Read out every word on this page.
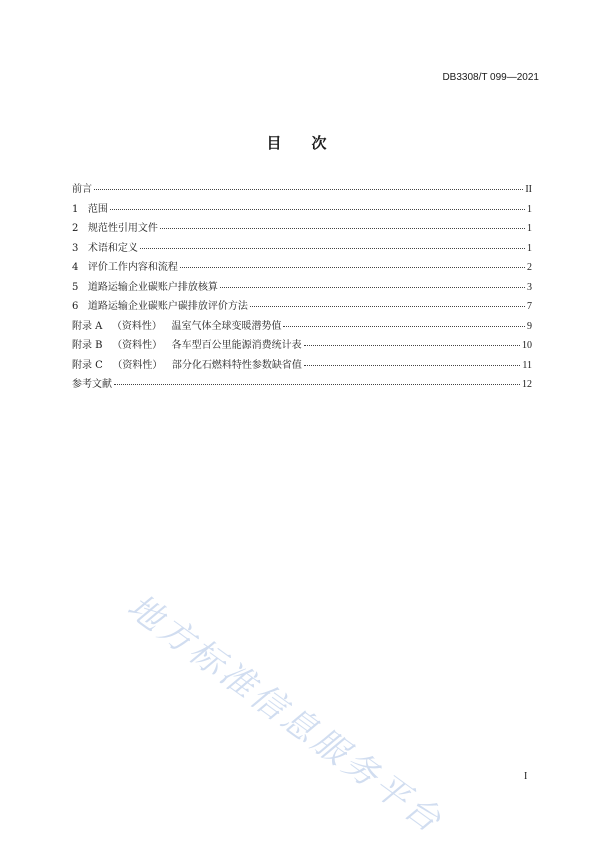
DB3308/T 099—2021
目 次
前言	II
1   范围	1
2   规范性引用文件	1
3   术语和定义	1
4   评价工作内容和流程	2
5   道路运输企业碳账户排放核算	3
6   道路运输企业碳账户碳排放评价方法	7
附录 A   （资料性）   温室气体全球变暖潜势值	9
附录 B   （资料性）   各车型百公里能源消费统计表	10
附录 C   （资料性）   部分化石燃料特性参数缺省值	11
参考文献	12
地方标准信息服务平台	I
